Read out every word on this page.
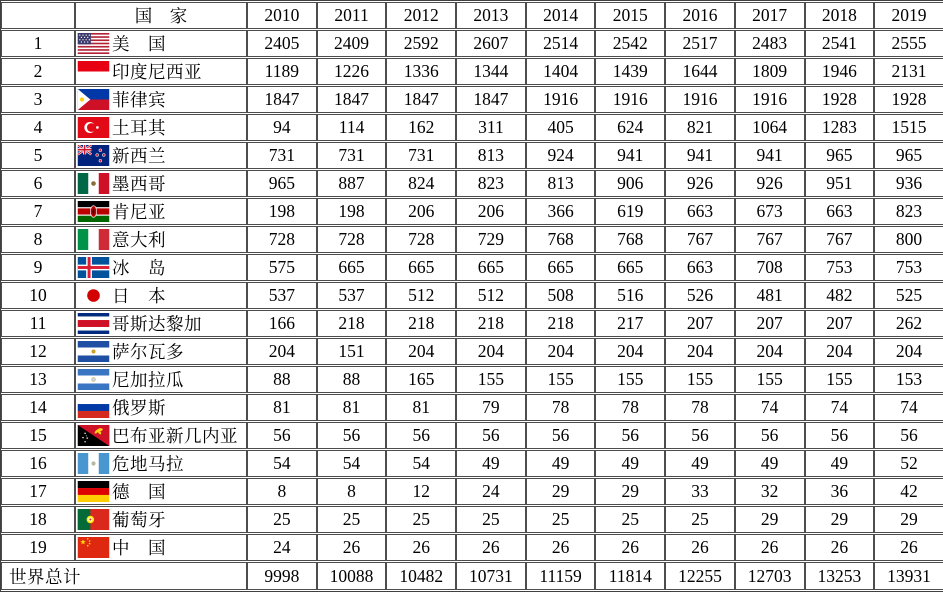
	国　家	2010	2011	2012	2013	2014	2015	2016	2017	2018	2019
1	美　国	2405	2409	2592	2607	2514	2542	2517	2483	2541	2555
2	印度尼西亚	1189	1226	1336	1344	1404	1439	1644	1809	1946	2131
3	菲律宾	1847	1847	1847	1847	1916	1916	1916	1916	1928	1928
4	土耳其	94	114	162	311	405	624	821	1064	1283	1515
5	新西兰	731	731	731	813	924	941	941	941	965	965
6	墨西哥	965	887	824	823	813	906	926	926	951	936
7	肯尼亚	198	198	206	206	366	619	663	673	663	823
8	意大利	728	728	728	729	768	768	767	767	767	800
9	冰　岛	575	665	665	665	665	665	663	708	753	753
10	日　本	537	537	512	512	508	516	526	481	482	525
11	哥斯达黎加	166	218	218	218	218	217	207	207	207	262
12	萨尔瓦多	204	151	204	204	204	204	204	204	204	204
13	尼加拉瓜	88	88	165	155	155	155	155	155	155	153
14	俄罗斯	81	81	81	79	78	78	78	74	74	74
15	巴布亚新几内亚	56	56	56	56	56	56	56	56	56	56
16	危地马拉	54	54	54	49	49	49	49	49	49	52
17	德　国	8	8	12	24	29	29	33	32	36	42
18	葡萄牙	25	25	25	25	25	25	25	29	29	29
19	中　国	24	26	26	26	26	26	26	26	26	26
世界总计		9998	10088	10482	10731	11159	11814	12255	12703	13253	13931
